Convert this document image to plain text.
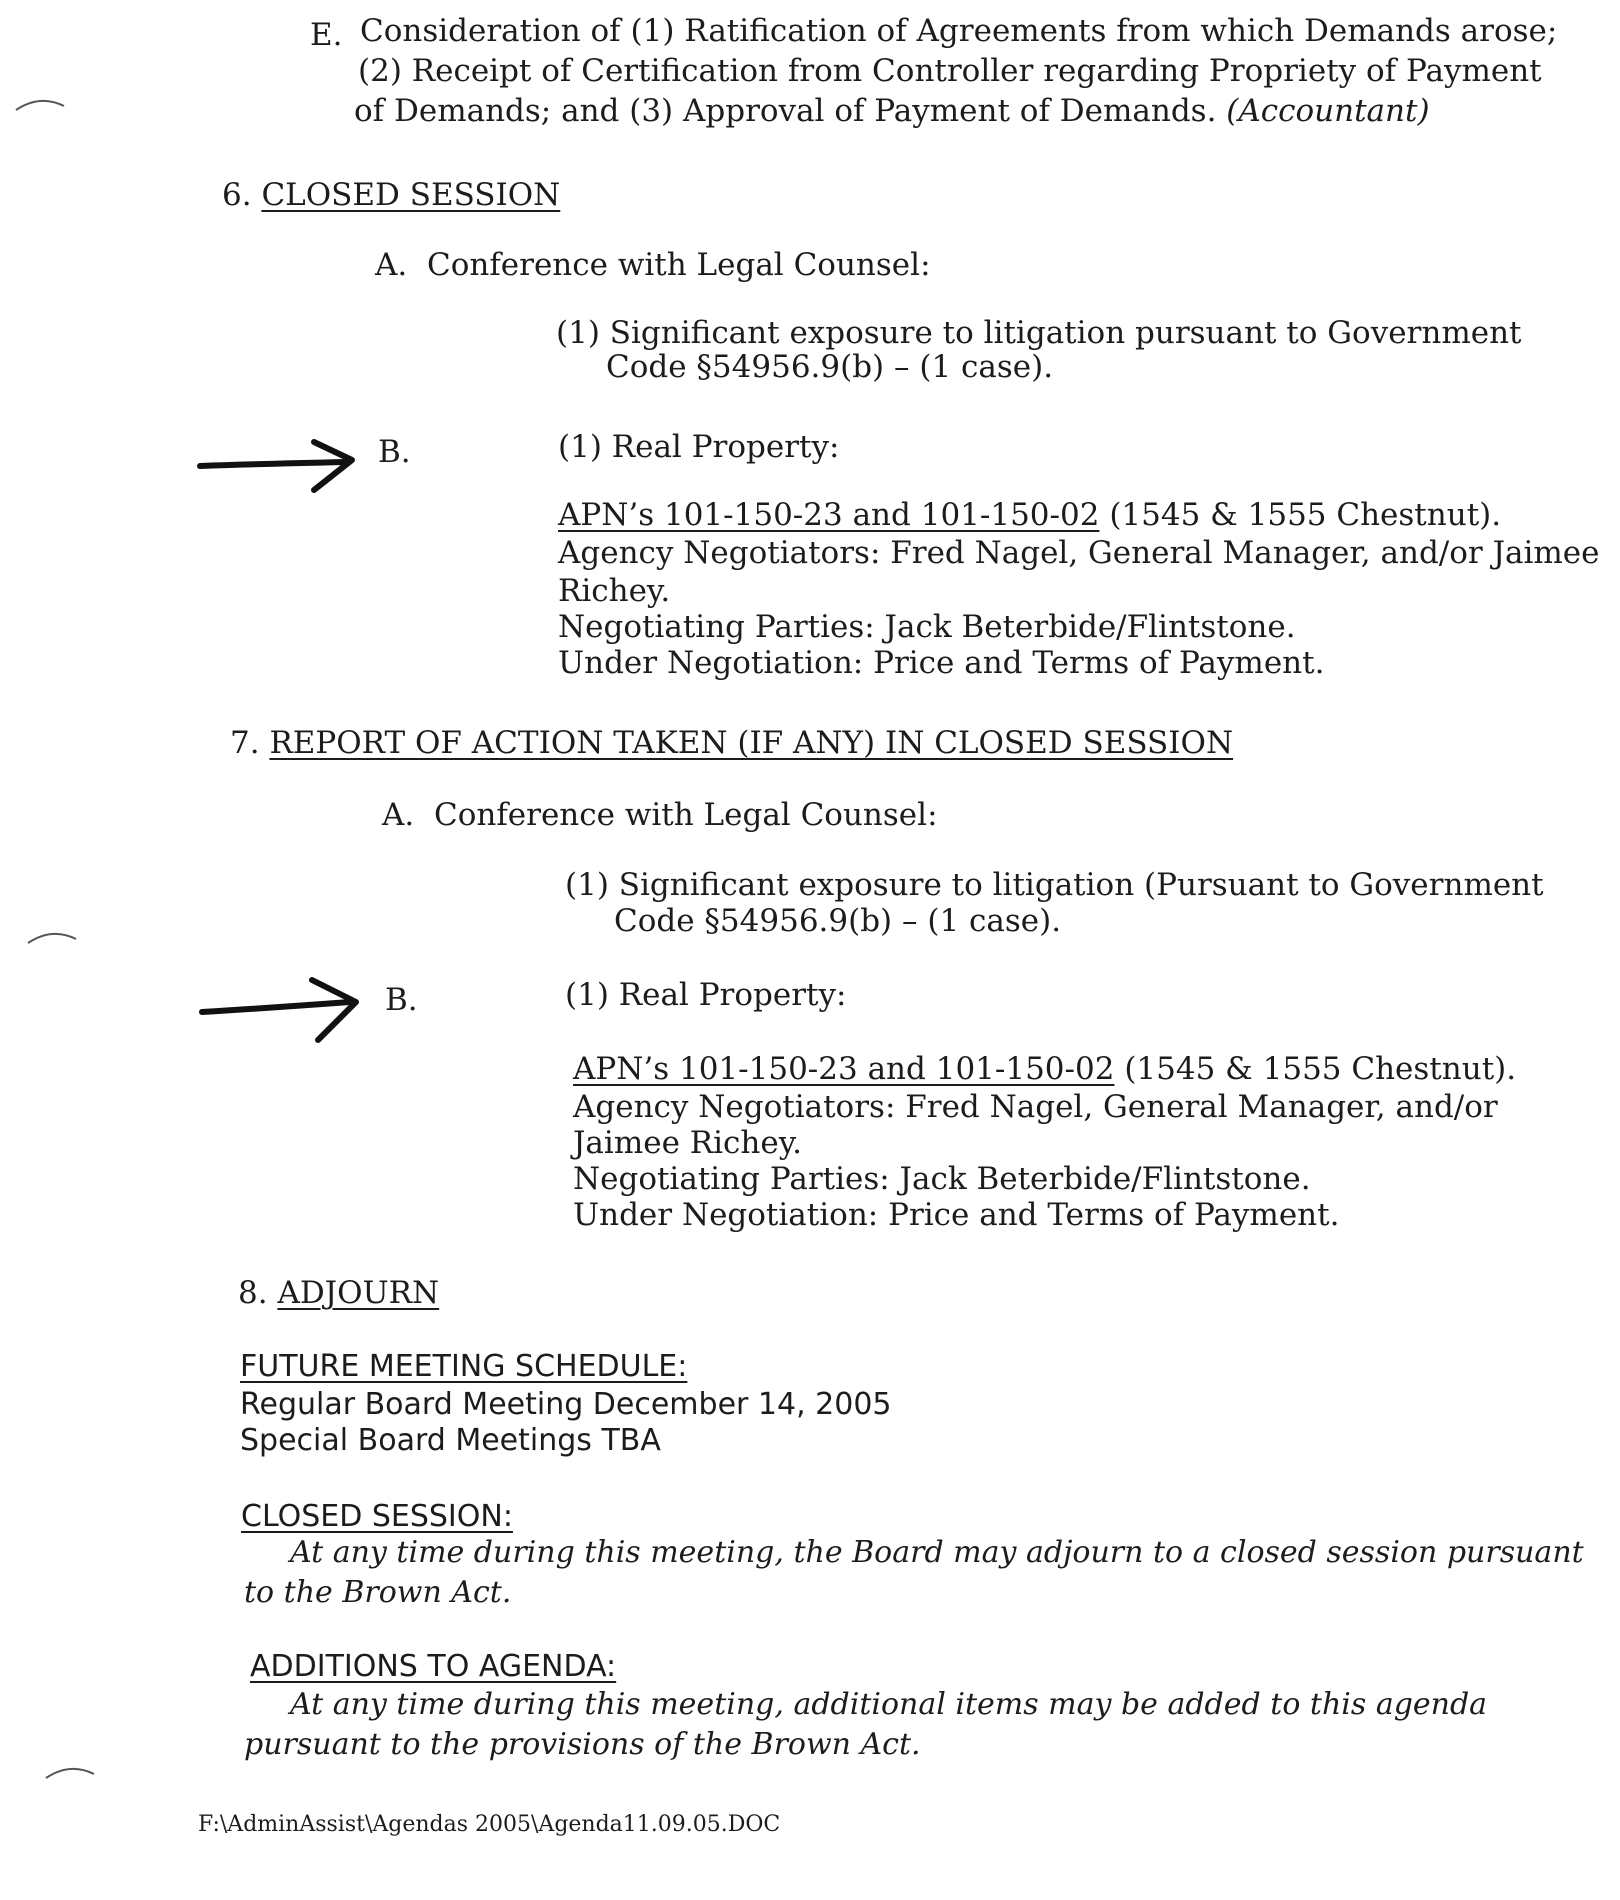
E. Consideration of (1) Ratification of Agreements from which Demands arose;
(2) Receipt of Certification from Controller regarding Propriety of Payment
of Demands; and (3) Approval of Payment of Demands. (Accountant)
6. CLOSED SESSION
A. Conference with Legal Counsel:
(1) Significant exposure to litigation pursuant to Government
Code §54956.9(b) – (1 case).
B.	(1) Real Property:
APN’s 101-150-23 and 101-150-02 (1545 & 1555 Chestnut).
Agency Negotiators: Fred Nagel, General Manager, and/or Jaimee
Richey.
Negotiating Parties: Jack Beterbide/Flintstone.
Under Negotiation: Price and Terms of Payment.
7. REPORT OF ACTION TAKEN (IF ANY) IN CLOSED SESSION
A. Conference with Legal Counsel:
(1) Significant exposure to litigation (Pursuant to Government
Code §54956.9(b) – (1 case).
B.	(1) Real Property:
APN’s 101-150-23 and 101-150-02 (1545 & 1555 Chestnut).
Agency Negotiators: Fred Nagel, General Manager, and/or
Jaimee Richey.
Negotiating Parties: Jack Beterbide/Flintstone.
Under Negotiation: Price and Terms of Payment.
8. ADJOURN
FUTURE MEETING SCHEDULE:
Regular Board Meeting December 14, 2005
Special Board Meetings TBA
CLOSED SESSION:
At any time during this meeting, the Board may adjourn to a closed session pursuant
to the Brown Act.
ADDITIONS TO AGENDA:
At any time during this meeting, additional items may be added to this agenda
pursuant to the provisions of the Brown Act.
F:\AdminAssist\Agendas 2005\Agenda11.09.05.DOC
